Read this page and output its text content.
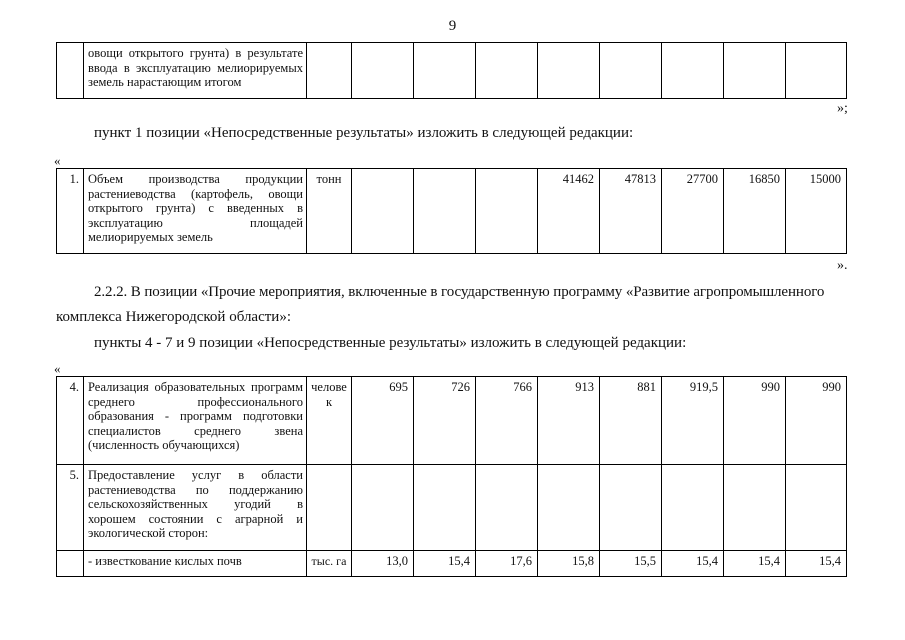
9
	овощи открытого грунта) в результате ввода в эксплуатацию мелиорируемых земель нарастающим итогом									
»;
пункт 1 позиции «Непосредственные результаты» изложить в следующей редакции:
«
1.	Объем производства продукции растениеводства (картофель, овощи открытого грунта) с введенных в эксплуатацию площадей мелиорируемых земель	тонн				41462	47813	27700	16850	15000
».
2.2.2. В позиции «Прочие мероприятия, включенные в государственную программу «Развитие агропромышленного
комплекса Нижегородской области»:
пункты 4 - 7 и 9 позиции «Непосредственные результаты» изложить в следующей редакции:
«
4.	Реализация образовательных программ среднего профессионального образования - программ подготовки специалистов среднего звена (численность обучающихся)	человек	695	726	766	913	881	919,5	990	990
5.	Предоставление услуг в области растениеводства по поддержанию сельскохозяйственных угодий в хорошем состоянии с аграрной и экологической сторон:									
	- известкование кислых почв	тыс. га	13,0	15,4	17,6	15,8	15,5	15,4	15,4	15,4
